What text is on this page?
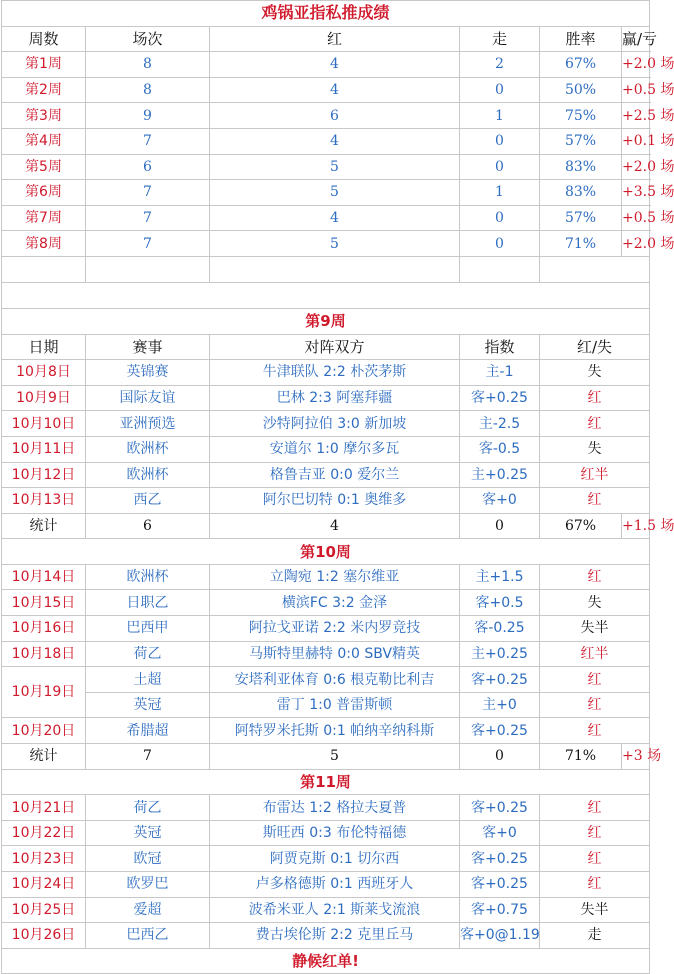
鸡锅亚指私推成绩					
周数	场次	红	走	胜率	赢/亏
第1周	8	4	2	67%	+2.0 场
第2周	8	4	0	50%	+0.5 场
第3周	9	6	1	75%	+2.5 场
第4周	7	4	0	57%	+0.1 场
第5周	6	5	0	83%	+2.0 场
第6周	7	5	1	83%	+3.5 场
第7周	7	4	0	57%	+0.5 场
第8周	7	5	0	71%	+2.0 场

第9周					
日期	赛事	对阵双方	指数	红/失	
10月8日	英锦赛	牛津联队 2:2 朴茨茅斯	主-1	失	
10月9日	国际友谊	巴林 2:3 阿塞拜疆	客+0.25	红	
10月10日	亚洲预选	沙特阿拉伯 3:0 新加坡	主-2.5	红	
10月11日	欧洲杯	安道尔 1:0 摩尔多瓦	客-0.5	失	
10月12日	欧洲杯	格鲁吉亚 0:0 爱尔兰	主+0.25	红半	
10月13日	西乙	阿尔巴切特 0:1 奥维多	客+0	红	
统计	6	4	0	67%	+1.5 场
第10周					
10月14日	欧洲杯	立陶宛 1:2 塞尔维亚	主+1.5	红	
10月15日	日职乙	横滨FC 3:2 金泽	客+0.5	失	
10月16日	巴西甲	阿拉戈亚诺 2:2 米内罗竞技	客-0.25	失半	
10月18日	荷乙	马斯特里赫特 0:0 SBV精英	主+0.25	红半	
10月19日	土超	安塔利亚体育 0:6 根克勒比利吉	客+0.25	红	
	英冠	雷丁 1:0 普雷斯顿	主+0	红	
10月20日	希腊超	阿特罗米托斯 0:1 帕纳辛纳科斯	客+0.25	红	
统计	7	5	0	71%	+3 场
第11周					
10月21日	荷乙	布雷达 1:2 格拉夫夏普	客+0.25	红	
10月22日	英冠	斯旺西 0:3 布伦特福德	客+0	红	
10月23日	欧冠	阿贾克斯 0:1 切尔西	客+0.25	红	
10月24日	欧罗巴	卢多格德斯 0:1 西班牙人	客+0.25	红	
10月25日	爱超	波希米亚人 2:1 斯莱戈流浪	客+0.75	失半	
10月26日	巴西乙	费古埃伦斯 2:2 克里丘马	客+0@1.19	走	
静候红单!					
